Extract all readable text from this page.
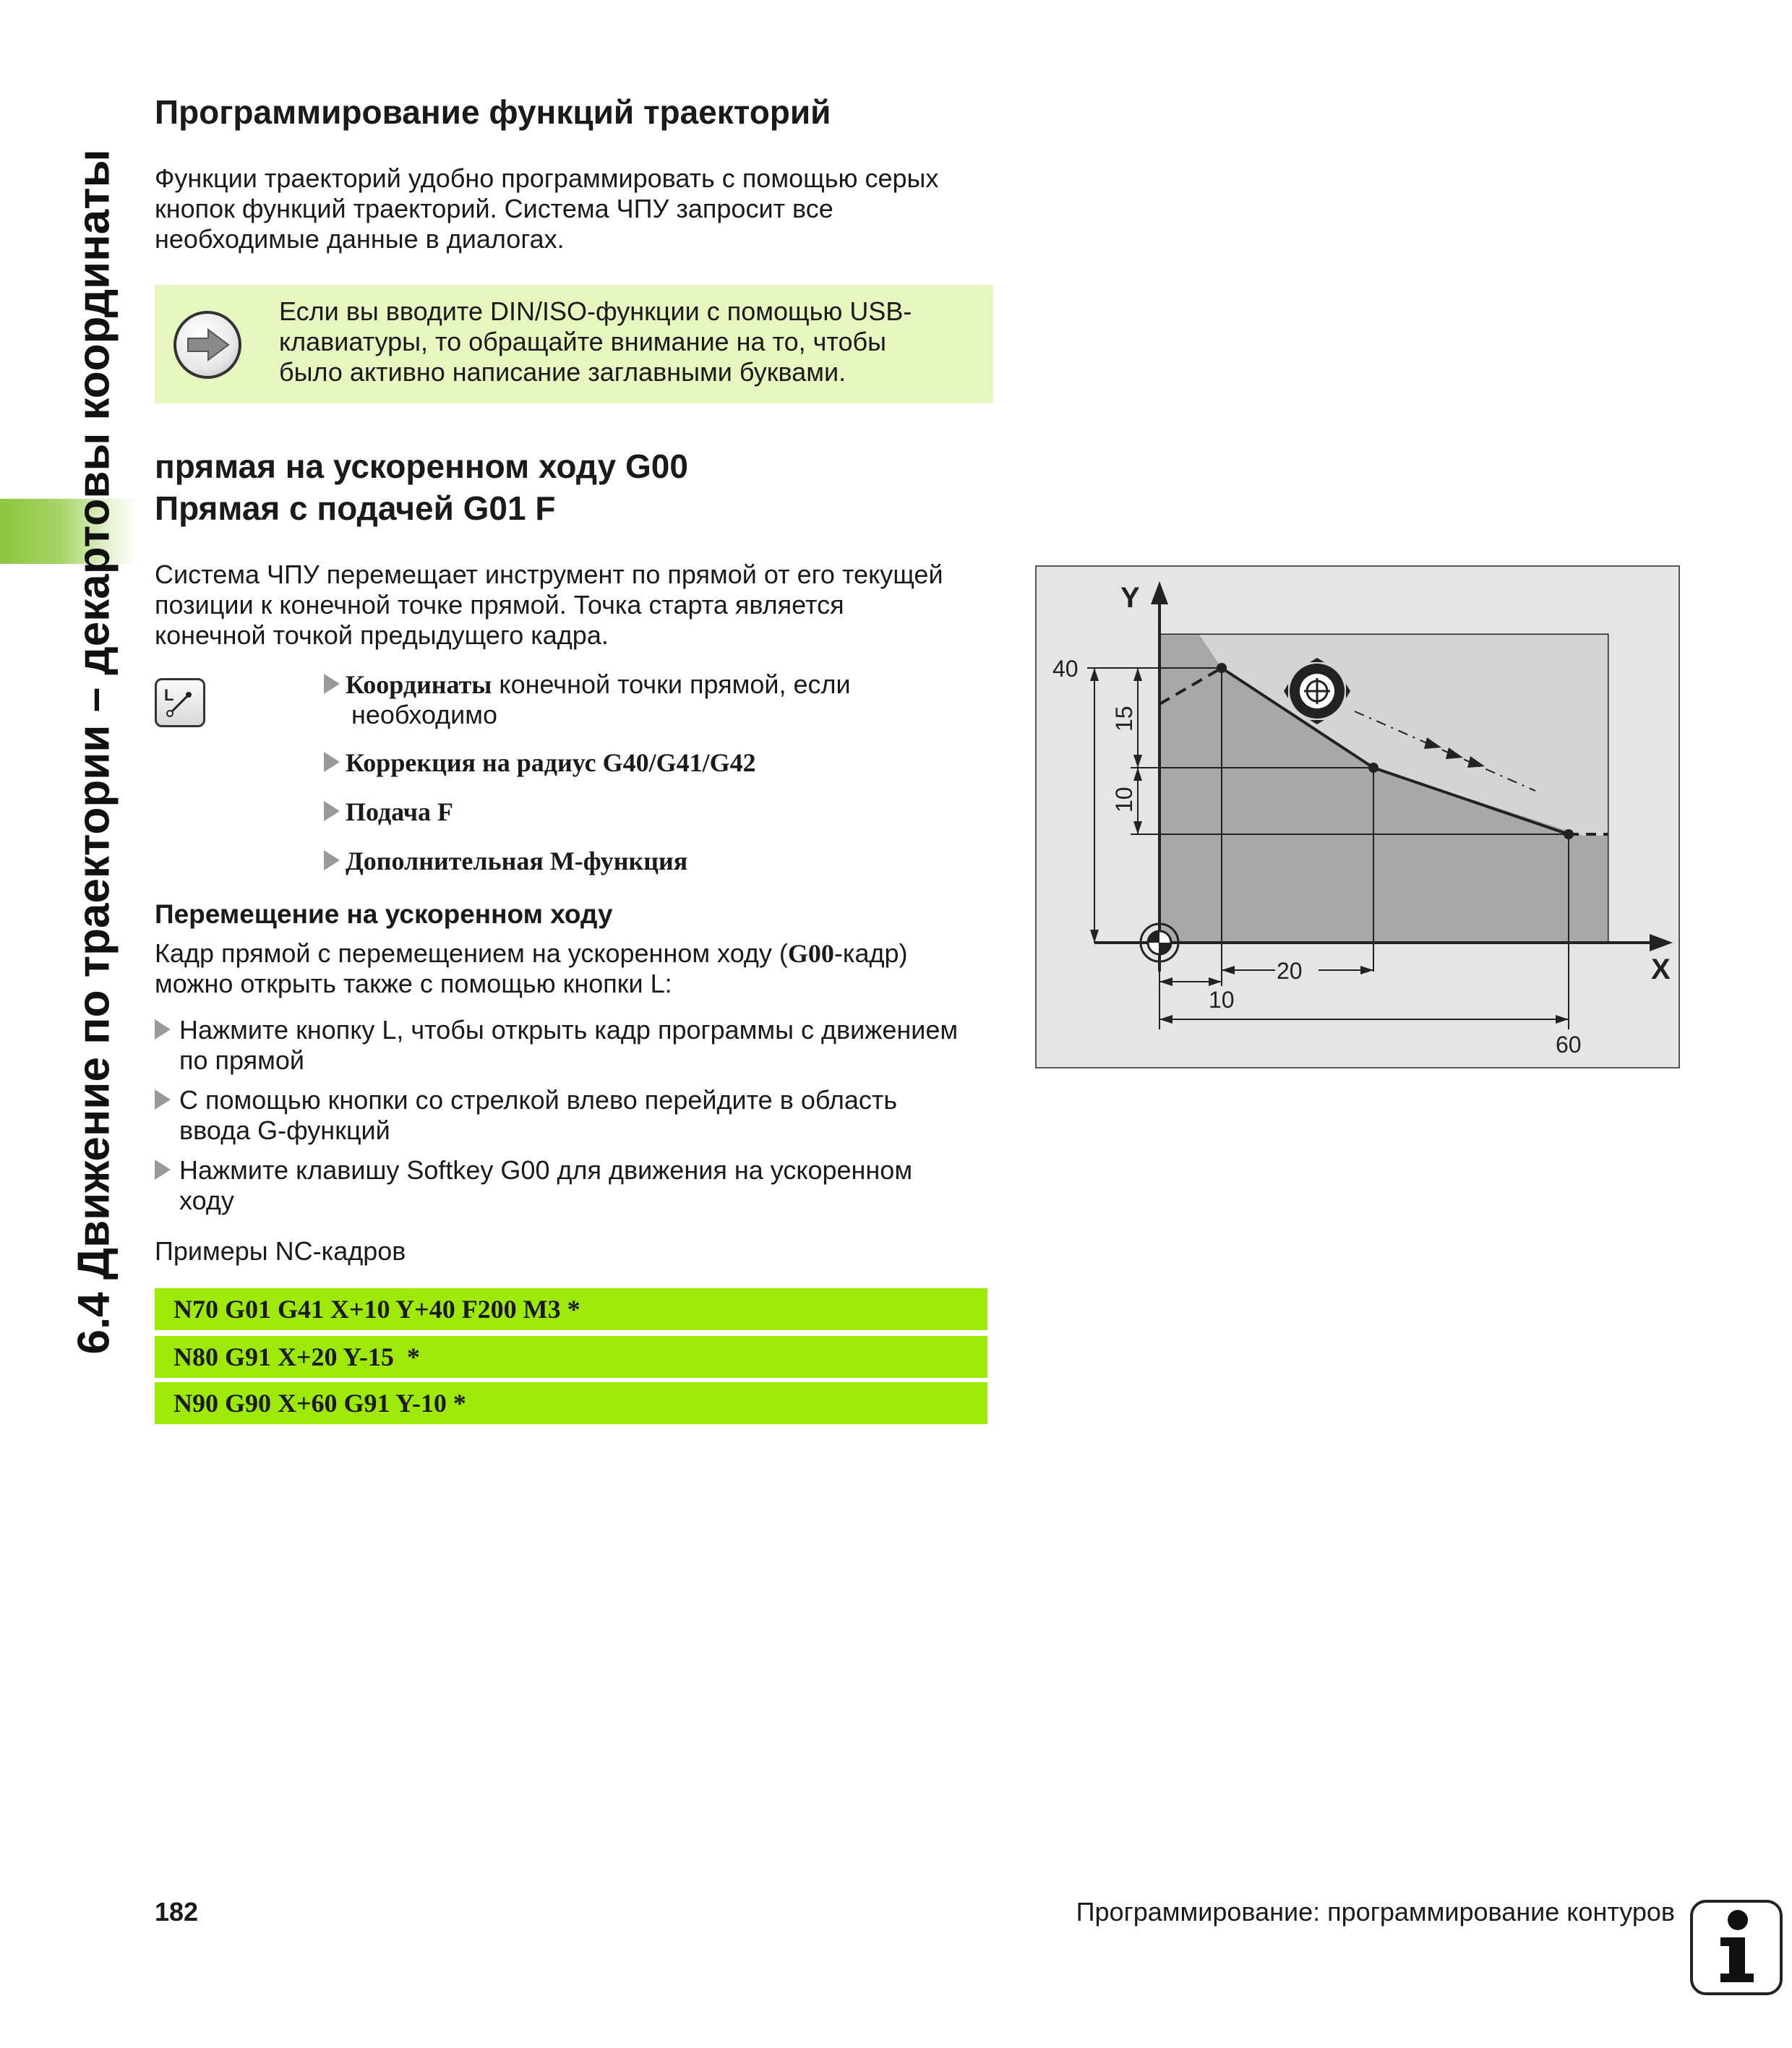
6.4 Движение по траектории – декартовы координаты
Программирование функций траекторий

Функции траекторий удобно программировать с помощью серых
кнопок функций траекторий. Система ЧПУ запросит все
необходимые данные в диалогах.

Если вы вводите DIN/ISO-функции с помощью USB-
клавиатуры, то обращайте внимание на то, чтобы
было активно написание заглавными буквами.

прямая на ускоренном ходу G00
Прямая с подачей G01 F

Система ЧПУ перемещает инструмент по прямой от его текущей
позиции к конечной точке прямой. Точка старта является
конечной точкой предыдущего кадра.

L	Координаты конечной точки прямой, если
необходимо
Коррекция на радиус G40/G41/G42
Подача F
Дополнительная M-функция
Перемещение на ускоренном ходу

Кадр прямой с перемещением на ускоренном ходу (G00-кадр)
можно открыть также с помощью кнопки L:

Нажмите кнопку L, чтобы открыть кадр программы с движением
по прямой
С помощью кнопки со стрелкой влево перейдите в область
ввода G-функций
Нажмите клавишу Softkey G00 для движения на ускоренном
ходу

Примеры NC-кадров

N70 G01 G41 X+10 Y+40 F200 M3 *
N80 G91 X+20 Y-15  *
N90 G90 X+60 G91 Y-10 *
X
Y
40
15
10
20
10
60
182	Программирование: программирование контуров
